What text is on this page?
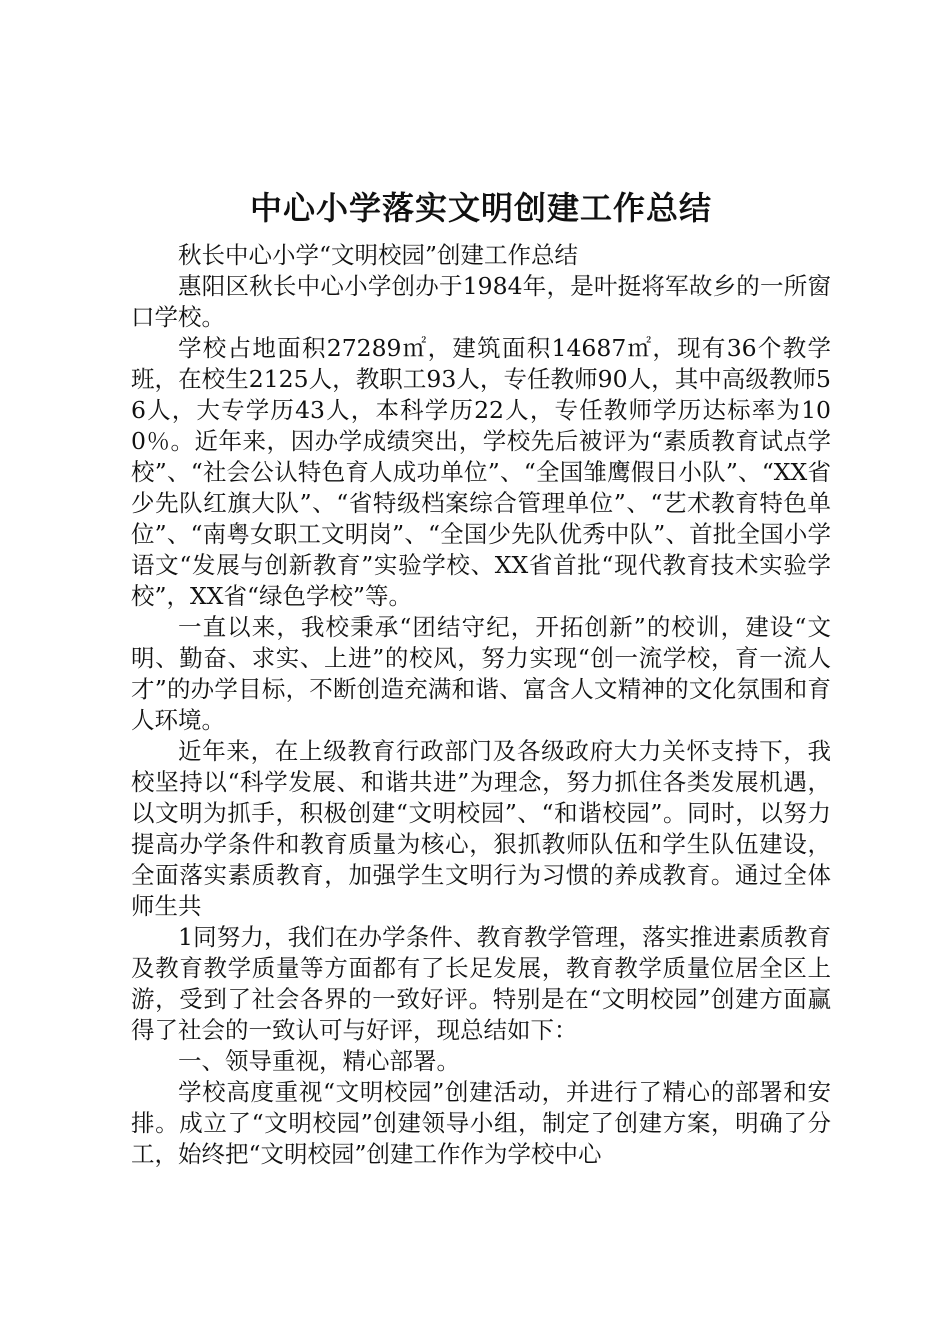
中心小学落实文明创建工作总结

秋长中心小学“文明校园”创建工作总结

惠阳区秋长中心小学创办于1984年，是叶挺将军故乡的一所窗口学校。

学校占地面积27289㎡，建筑面积14687㎡，现有36个教学班，在校生2125人，教职工93人，专任教师90人，其中高级教师56人，大专学历43人，本科学历22人，专任教师学历达标率为100％。近年来，因办学成绩突出，学校先后被评为“素质教育试点学校”、“社会公认特色育人成功单位”、“全国雏鹰假日小队”、“XX省少先队红旗大队”、“省特级档案综合管理单位”、“艺术教育特色单位”、“南粤女职工文明岗”、“全国少先队优秀中队”、首批全国小学语文“发展与创新教育”实验学校、XX省首批“现代教育技术实验学校”，XX省“绿色学校”等。

一直以来，我校秉承“团结守纪，开拓创新”的校训，建设“文明、勤奋、求实、上进”的校风，努力实现“创一流学校，育一流人才”的办学目标，不断创造充满和谐、富含人文精神的文化氛围和育人环境。

近年来，在上级教育行政部门及各级政府大力关怀支持下，我校坚持以“科学发展、和谐共进”为理念，努力抓住各类发展机遇，以文明为抓手，积极创建“文明校园”、“和谐校园”。同时，以努力提高办学条件和教育质量为核心，狠抓教师队伍和学生队伍建设，全面落实素质教育，加强学生文明行为习惯的养成教育。通过全体师生共

1同努力，我们在办学条件、教育教学管理，落实推进素质教育及教育教学质量等方面都有了长足发展，教育教学质量位居全区上游，受到了社会各界的一致好评。特别是在“文明校园”创建方面赢得了社会的一致认可与好评，现总结如下：

一、领导重视，精心部署。

学校高度重视“文明校园”创建活动，并进行了精心的部署和安排。成立了“文明校园”创建领导小组，制定了创建方案，明确了分工，始终把“文明校园”创建工作作为学校中心
